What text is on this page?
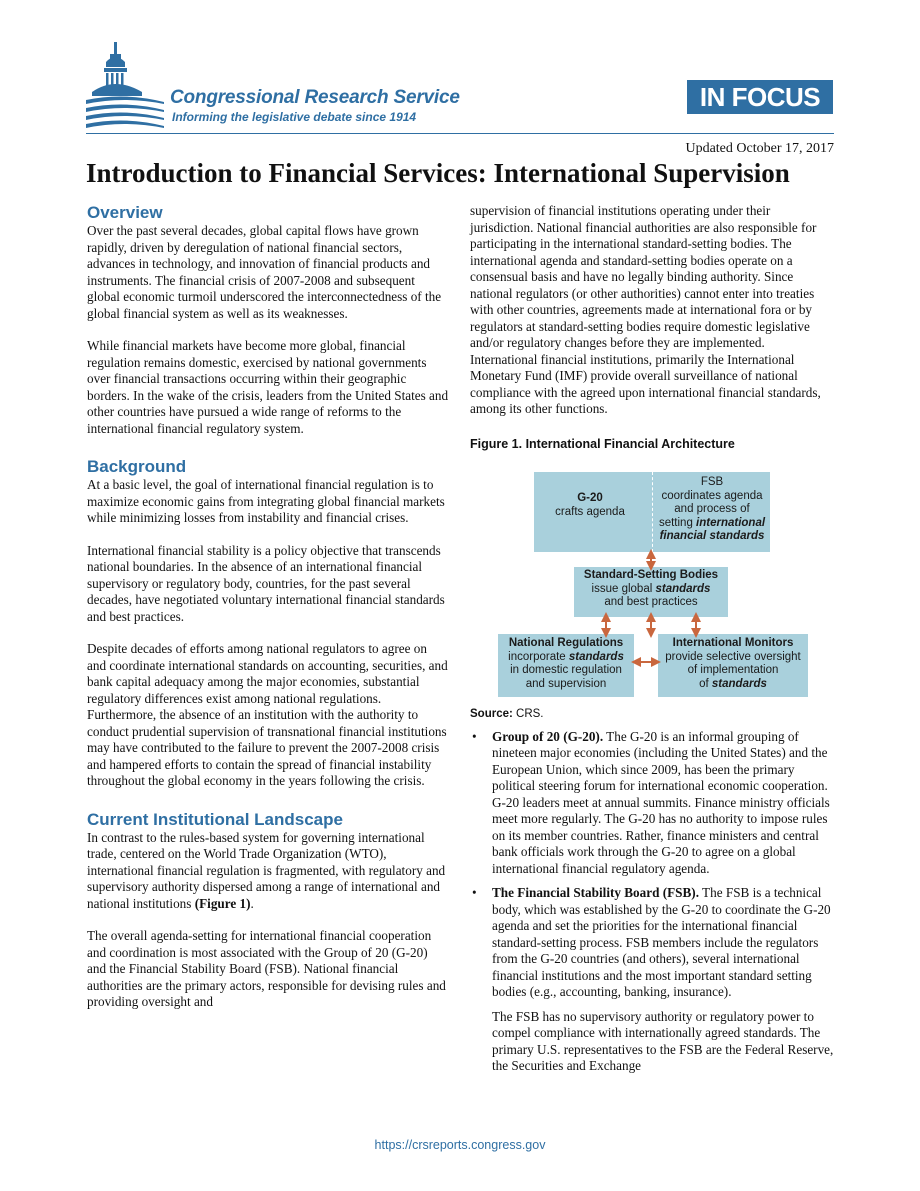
Congressional Research Service
Informing the legislative debate since 1914
IN FOCUS
Updated October 17, 2017
Introduction to Financial Services: International Supervision
Overview

Over the past several decades, global capital flows have grown rapidly, driven by deregulation of national financial sectors, advances in technology, and innovation of financial products and instruments. The financial crisis of 2007-2008 and subsequent global economic turmoil underscored the interconnectedness of the global financial system as well as its weaknesses.

While financial markets have become more global, financial regulation remains domestic, exercised by national governments over financial transactions occurring within their geographic borders. In the wake of the crisis, leaders from the United States and other countries have pursued a wide range of reforms to the international financial regulatory system.

Background

At a basic level, the goal of international financial regulation is to maximize economic gains from integrating global financial markets while minimizing losses from instability and financial crises.

International financial stability is a policy objective that transcends national boundaries. In the absence of an international financial supervisory or regulatory body, countries, for the past several decades, have negotiated voluntary international financial standards and best practices.

Despite decades of efforts among national regulators to agree on and coordinate international standards on accounting, securities, and bank capital adequacy among the major economies, substantial regulatory differences exist among national regulations. Furthermore, the absence of an institution with the authority to conduct prudential supervision of transnational financial institutions may have contributed to the failure to prevent the 2007-2008 crisis and hampered efforts to contain the spread of financial instability throughout the global economy in the years following the crisis.

Current Institutional Landscape

In contrast to the rules-based system for governing international trade, centered on the World Trade Organization (WTO), international financial regulation is fragmented, with regulatory and supervisory authority dispersed among a range of international and national institutions (Figure 1).

The overall agenda-setting for international financial cooperation and coordination is most associated with the Group of 20 (G-20) and the Financial Stability Board (FSB). National financial authorities are the primary actors, responsible for devising rules and providing oversight and

supervision of financial institutions operating under their jurisdiction. National financial authorities are also responsible for participating in the international standard-setting bodies. The international agenda and standard-setting bodies operate on a consensual basis and have no legally binding authority. Since national regulators (or other authorities) cannot enter into treaties with other countries, agreements made at international fora or by regulators at standard-setting bodies require domestic legislative and/or regulatory changes before they are implemented. International financial institutions, primarily the International Monetary Fund (IMF) provide overall surveillance of national compliance with the agreed upon international financial standards, among its other functions.

Figure 1. International Financial Architecture
G-20
crafts agenda
FSB
coordinates agenda
and process of
setting international
financial standards
Standard-Setting Bodies
issue global standards
and best practices
National Regulations
incorporate standards
in domestic regulation
and supervision
International Monitors
provide selective oversight
of implementation
of standards
Source: CRS.
• Group of 20 (G-20). The G-20 is an informal grouping of nineteen major economies (including the United States) and the European Union, which since 2009, has been the primary political steering forum for international economic cooperation. G-20 leaders meet at annual summits. Finance ministry officials meet more regularly. The G-20 has no authority to impose rules on its member countries. Rather, finance ministers and central bank officials work through the G-20 to agree on a global international financial regulatory agenda.
• The Financial Stability Board (FSB). The FSB is a technical body, which was established by the G-20 to coordinate the G-20 agenda and set the priorities for the international financial standard-setting process. FSB members include the regulators from the G-20 countries (and others), several international financial institutions and the most important standard setting bodies (e.g., accounting, banking, insurance).

The FSB has no supervisory authority or regulatory power to compel compliance with internationally agreed standards. The primary U.S. representatives to the FSB are the Federal Reserve, the Securities and Exchange

https://crsreports.congress.gov
